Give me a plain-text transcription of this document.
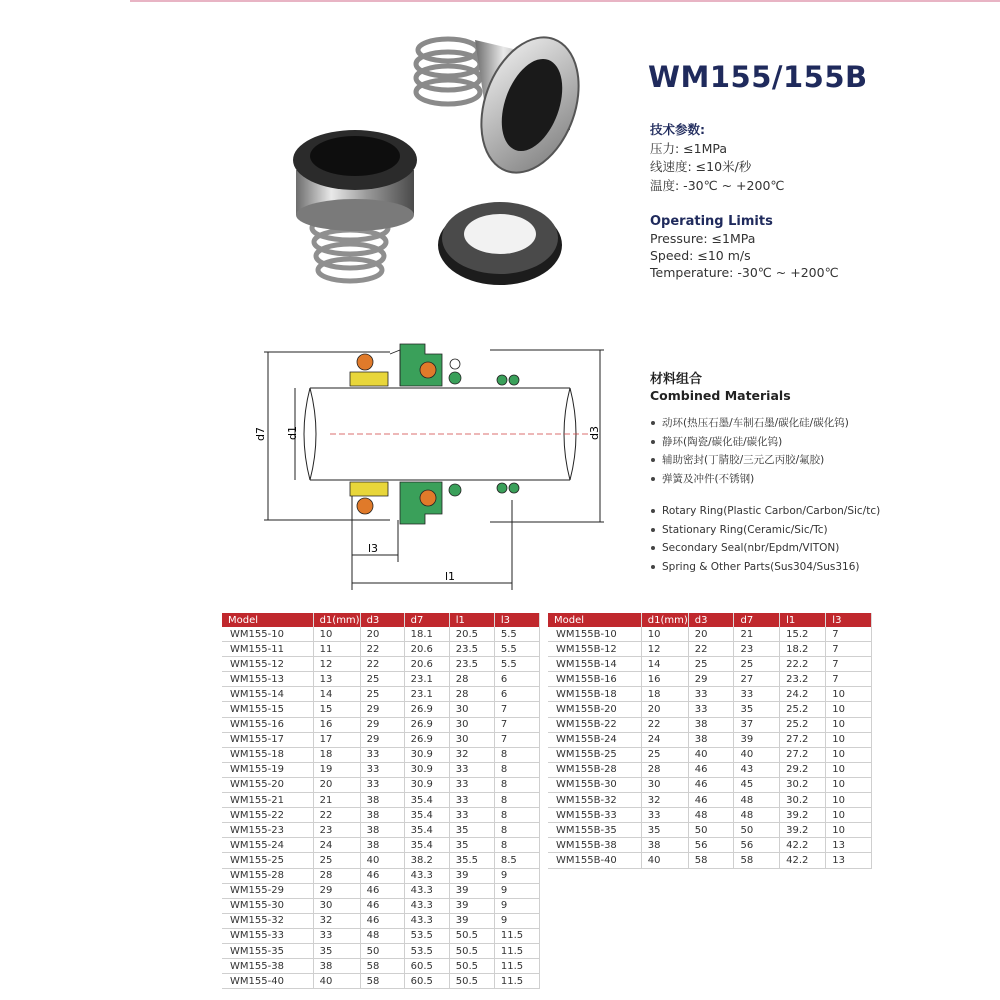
WM155/155B
技术参数:
压力: ≤1MPa
线速度: ≤10米/秒
温度: -30℃ ~ +200℃
Operating Limits
Pressure: ≤1MPa
Speed: ≤10 m/s
Temperature: -30℃ ~ +200℃
d7 d1	d3
l3
l1
材料组合
Combined Materials
动环(热压石墨/车制石墨/碳化硅/碳化钨)
静环(陶瓷/碳化硅/碳化钨)
辅助密封(丁腈胶/三元乙丙胶/氟胶)
弹簧及冲件(不锈钢)
Rotary Ring(Plastic Carbon/Carbon/Sic/tc)
Stationary Ring(Ceramic/Sic/Tc)
Secondary Seal(nbr/Epdm/VITON)
Spring & Other Parts(Sus304/Sus316)
Model	d1(mm)	d3	d7	l1	l3
WM155-10	10	20	18.1	20.5	5.5
WM155-11	11	22	20.6	23.5	5.5
WM155-12	12	22	20.6	23.5	5.5
WM155-13	13	25	23.1	28	6
WM155-14	14	25	23.1	28	6
WM155-15	15	29	26.9	30	7
WM155-16	16	29	26.9	30	7
WM155-17	17	29	26.9	30	7
WM155-18	18	33	30.9	32	8
WM155-19	19	33	30.9	33	8
WM155-20	20	33	30.9	33	8
WM155-21	21	38	35.4	33	8
WM155-22	22	38	35.4	33	8
WM155-23	23	38	35.4	35	8
WM155-24	24	38	35.4	35	8
WM155-25	25	40	38.2	35.5	8.5
WM155-28	28	46	43.3	39	9
WM155-29	29	46	43.3	39	9
WM155-30	30	46	43.3	39	9
WM155-32	32	46	43.3	39	9
WM155-33	33	48	53.5	50.5	11.5
WM155-35	35	50	53.5	50.5	11.5
WM155-38	38	58	60.5	50.5	11.5
WM155-40	40	58	60.5	50.5	11.5
Model	d1(mm)	d3	d7	l1	l3
WM155B-10	10	20	21	15.2	7
WM155B-12	12	22	23	18.2	7
WM155B-14	14	25	25	22.2	7
WM155B-16	16	29	27	23.2	7
WM155B-18	18	33	33	24.2	10
WM155B-20	20	33	35	25.2	10
WM155B-22	22	38	37	25.2	10
WM155B-24	24	38	39	27.2	10
WM155B-25	25	40	40	27.2	10
WM155B-28	28	46	43	29.2	10
WM155B-30	30	46	45	30.2	10
WM155B-32	32	46	48	30.2	10
WM155B-33	33	48	48	39.2	10
WM155B-35	35	50	50	39.2	10
WM155B-38	38	56	56	42.2	13
WM155B-40	40	58	58	42.2	13
